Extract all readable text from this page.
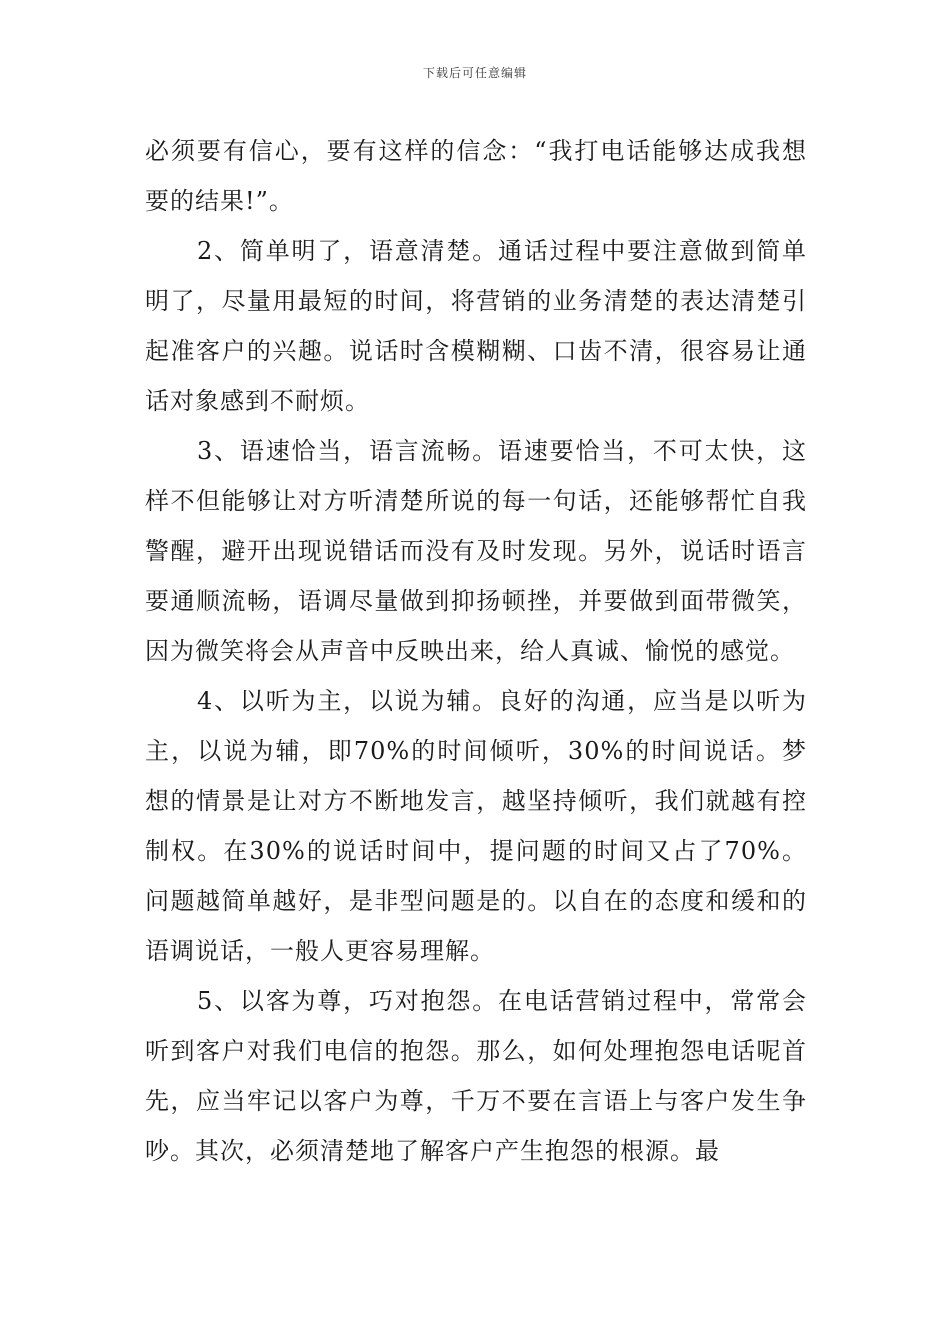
下载后可任意编辑

必须要有信心，要有这样的信念：“我打电话能够达成我想要的结果!”。

2、简单明了，语意清楚。通话过程中要注意做到简单明了，尽量用最短的时间，将营销的业务清楚的表达清楚引起准客户的兴趣。说话时含模糊糊、口齿不清，很容易让通话对象感到不耐烦。

3、语速恰当，语言流畅。语速要恰当，不可太快，这样不但能够让对方听清楚所说的每一句话，还能够帮忙自我警醒，避开出现说错话而没有及时发现。另外，说话时语言要通顺流畅，语调尽量做到抑扬顿挫，并要做到面带微笑，因为微笑将会从声音中反映出来，给人真诚、愉悦的感觉。

4、以听为主，以说为辅。良好的沟通，应当是以听为主，以说为辅，即70%的时间倾听，30%的时间说话。梦想的情景是让对方不断地发言，越坚持倾听，我们就越有控制权。在30%的说话时间中，提问题的时间又占了70%。问题越简单越好，是非型问题是的。以自在的态度和缓和的语调说话，一般人更容易理解。

5、以客为尊，巧对抱怨。在电话营销过程中，常常会听到客户对我们电信的抱怨。那么，如何处理抱怨电话呢首先，应当牢记以客户为尊，千万不要在言语上与客户发生争吵。其次，必须清楚地了解客户产生抱怨的根源。最
